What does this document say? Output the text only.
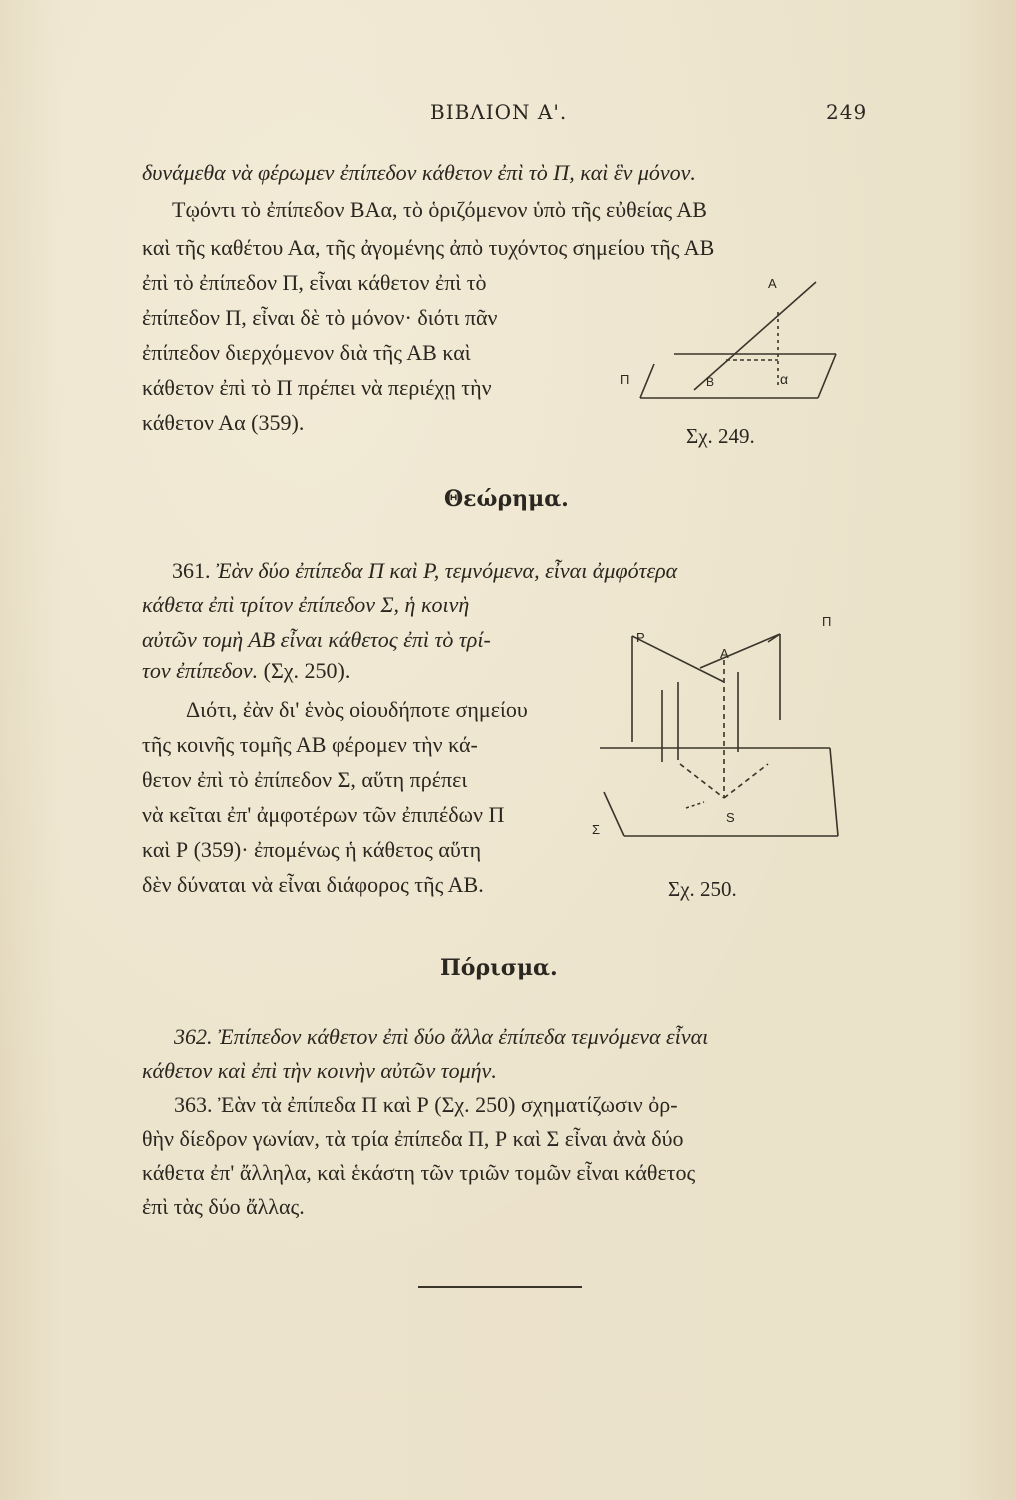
ΒΙΒΛΙΟΝ Α'.	249
δυνάμεθα νὰ φέρωμεν ἐπίπεδον κάθετον ἐπὶ τὸ Π, καὶ ἓν μόνον.
Τῳόντι τὸ ἐπίπεδον ΒΑα, τὸ ὁριζόμενον ὑπὸ τῆς εὐθείας ΑΒ
καὶ τῆς καθέτου Αα, τῆς ἀγομένης ἀπὸ τυχόντος σημείου τῆς ΑΒ
ἐπὶ τὸ ἐπίπεδον Π, εἶναι κάθετον ἐπὶ τὸ
ἐπίπεδον Π, εἶναι δὲ τὸ μόνον· διότι πᾶν
ἐπίπεδον διερχόμενον διὰ τῆς ΑΒ καὶ
κάθετον ἐπὶ τὸ Π πρέπει νὰ περιέχῃ τὴν
κάθετον Αα (359).
A
Π	B	α
Σχ. 249.
Θεώρημα.
361. Ἐὰν δύο ἐπίπεδα Π καὶ Ρ, τεμνόμενα, εἶναι ἀμφότερα
κάθετα ἐπὶ τρίτον ἐπίπεδον Σ, ἡ κοινὴ
αὐτῶν τομὴ ΑΒ εἶναι κάθετος ἐπὶ τὸ τρί-
τον ἐπίπεδον. (Σχ. 250).
Διότι, ἐὰν δι' ἑνὸς οἱουδήποτε σημείου
τῆς κοινῆς τομῆς ΑΒ φέρομεν τὴν κά-
θετον ἐπὶ τὸ ἐπίπεδον Σ, αὕτη πρέπει
νὰ κεῖται ἐπ' ἀμφοτέρων τῶν ἐπιπέδων Π
καὶ Ρ (359)· ἐπομένως ἡ κάθετος αὕτη
δὲν δύναται νὰ εἶναι διάφορος τῆς ΑΒ.
P
A
Π
S
Σ
Σχ. 250.
Πόρισμα.
362. Ἐπίπεδον κάθετον ἐπὶ δύο ἄλλα ἐπίπεδα τεμνόμενα εἶναι
κάθετον καὶ ἐπὶ τὴν κοινὴν αὐτῶν τομήν.
363. Ἐὰν τὰ ἐπίπεδα Π καὶ Ρ (Σχ. 250) σχηματίζωσιν ὀρ-
θὴν δίεδρον γωνίαν, τὰ τρία ἐπίπεδα Π, Ρ καὶ Σ εἶναι ἀνὰ δύο
κάθετα ἐπ' ἄλληλα, καὶ ἑκάστη τῶν τριῶν τομῶν εἶναι κάθετος
ἐπὶ τὰς δύο ἄλλας.
